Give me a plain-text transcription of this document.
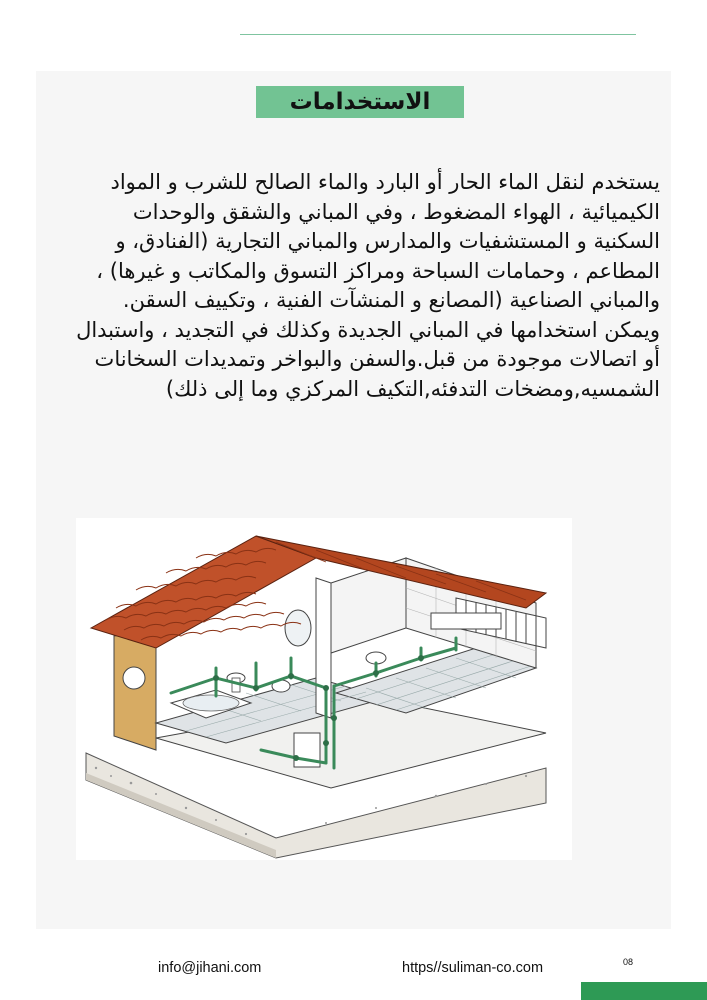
الاستخدامات
يستخدم لنقل الماء الحار أو البارد والماء الصالح للشرب و المواد الكيميائية ، الهواء المضغوط ، وفي المباني والشقق والوحدات السكنية و المستشفيات والمدارس والمباني التجارية (الفنادق، و المطاعم ، وحمامات السباحة ومراكز التسوق والمكاتب و غيرها) ، والمباني الصناعية (المصانع و المنشآت الفنية ، وتكييف السقن. ويمكن استخدامها في المباني الجديدة وكذلك في التجديد ، واستبدال أو اتصالات موجودة من قبل.والسفن والبواخر وتمديدات السخانات الشمسيه,ومضخات التدفئه,التكيف المركزي وما إلى ذلك)
info@jihani.com	https//suliman-co.com	08
